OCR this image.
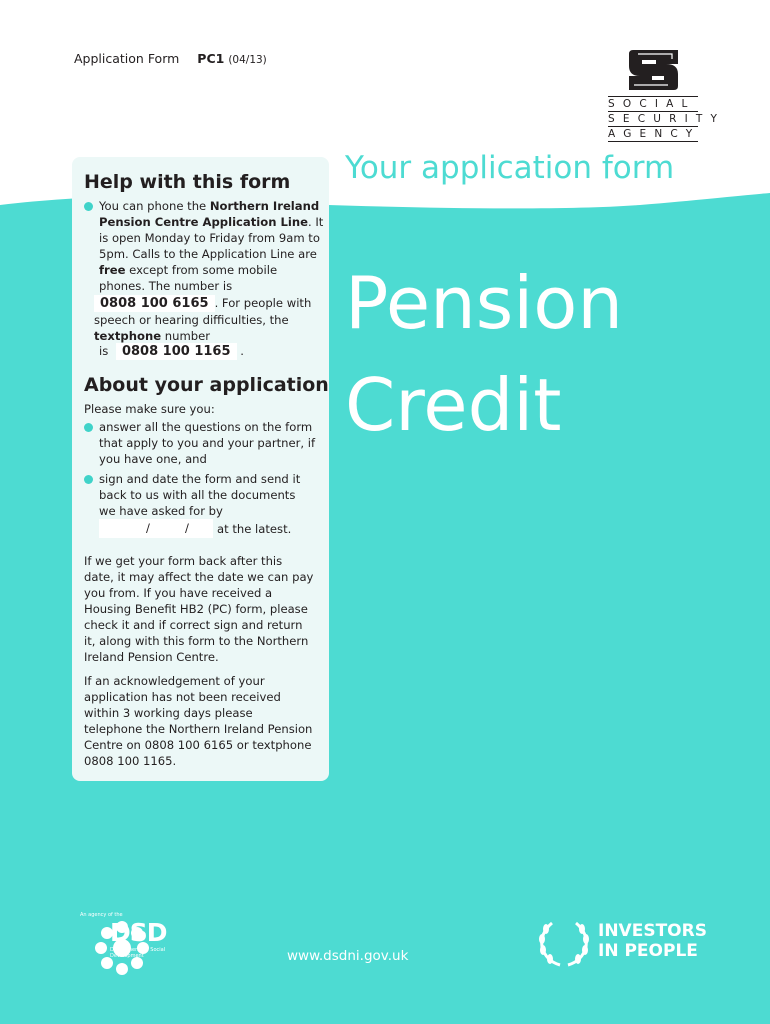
Application Form PC1 (04/13)
SOCIAL
SECURITY
AGENCY
Your application form
Pension
Credit
Help with this form
You can phone the Northern Ireland Pension Centre Application Line. It is open Monday to Friday from 9am to 5pm. Calls to the Application Line are free except from some mobile phones. The number is
0808 100 6165 . For people with speech or hearing difficulties, the textphone number
is 0808 100 1165 .
About your application
Please make sure you:
answer all the questions on the form that apply to you and your partner, if you have one, and
sign and date the form and send it back to us with all the documents we have asked for by
/	/ at the latest.
If we get your form back after this date, it may affect the date we can pay you from. If you have received a Housing Benefit HB2 (PC) form, please check it and if correct sign and return it, along with this form to the Northern Ireland Pension Centre.
If an acknowledgement of your application has not been received within 3 working days please telephone the Northern Ireland Pension Centre on 0808 100 6165 or textphone 0808 100 1165.
An agency of the
DSD
Department for Social Development	www.dsdni.gov.uk
INVESTORS
IN PEOPLE
